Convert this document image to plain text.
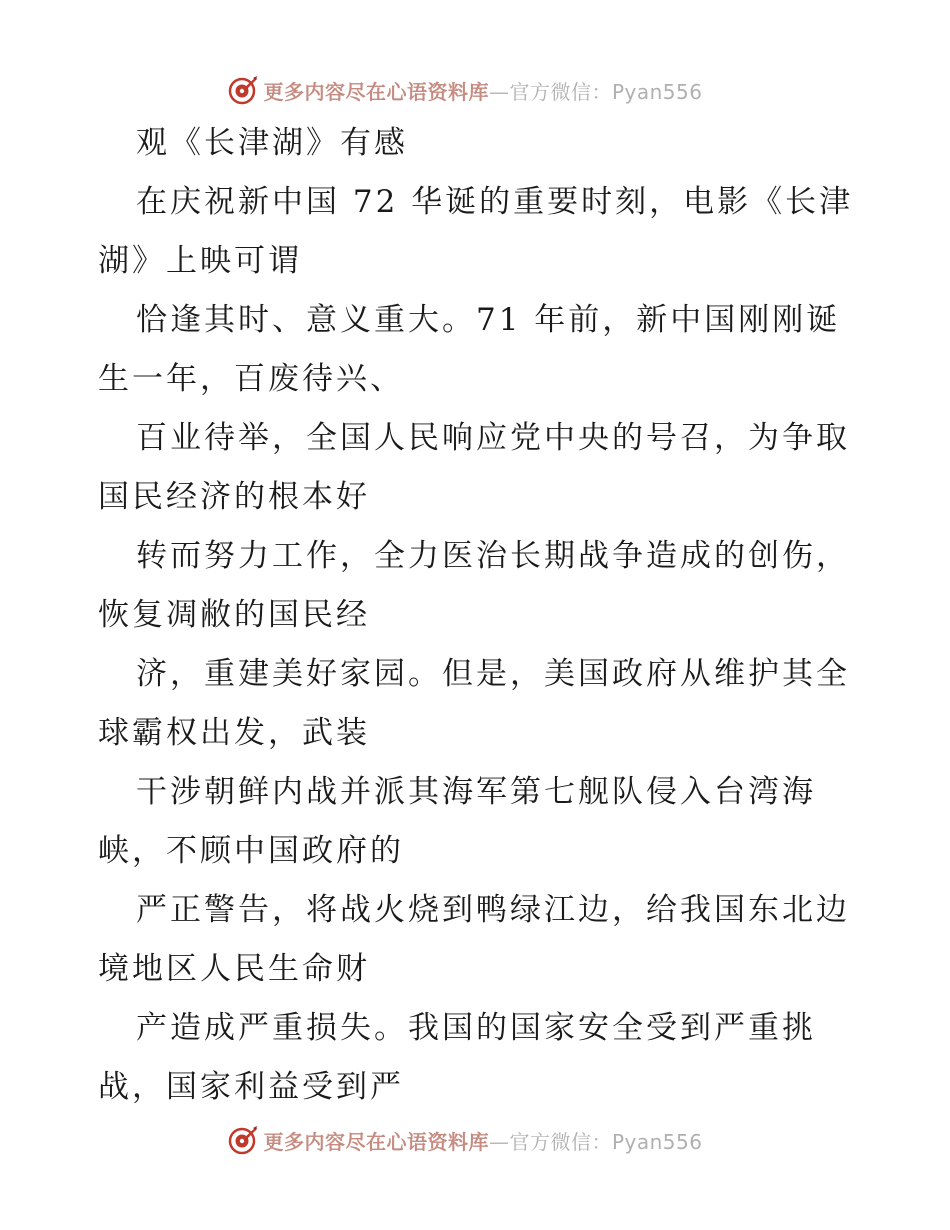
更多内容尽在心语资料库—官方微信：Pyan556
观《长津湖》有感
在庆祝新中国 72 华诞的重要时刻，电影《长津
湖》上映可谓
恰逢其时、意义重大。71 年前，新中国刚刚诞
生一年，百废待兴、
百业待举，全国人民响应党中央的号召，为争取
国民经济的根本好
转而努力工作，全力医治长期战争造成的创伤，
恢复凋敝的国民经
济，重建美好家园。但是，美国政府从维护其全
球霸权出发，武装
干涉朝鲜内战并派其海军第七舰队侵入台湾海
峡，不顾中国政府的
严正警告，将战火烧到鸭绿江边，给我国东北边
境地区人民生命财
产造成严重损失。我国的国家安全受到严重挑
战，国家利益受到严
更多内容尽在心语资料库—官方微信：Pyan556
